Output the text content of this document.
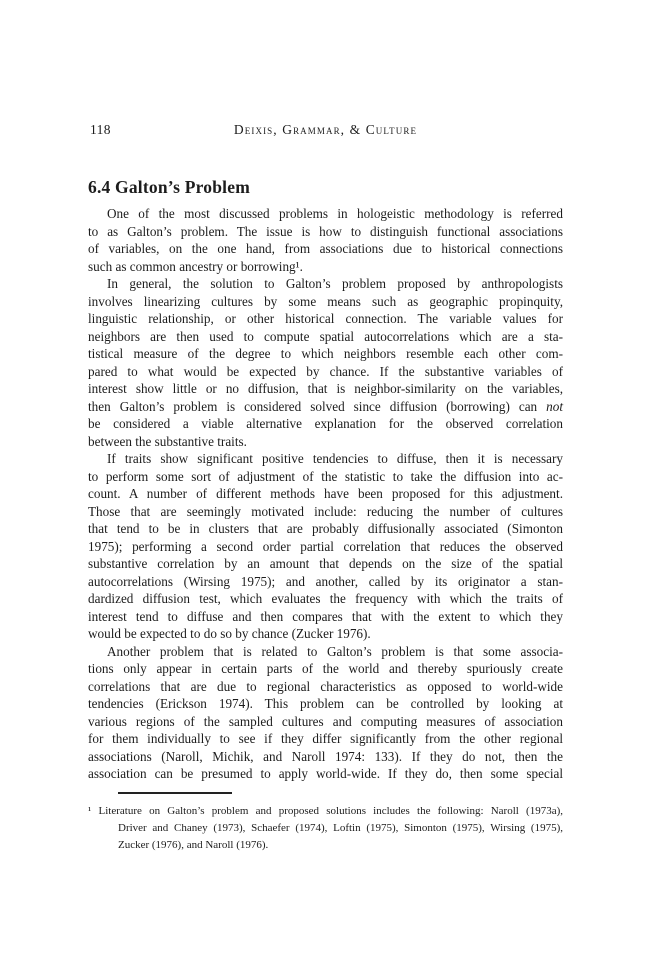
118	Deixis, Grammar, & Culture
6.4 Galton’s Problem
One of the most discussed problems in hologeistic methodology is referred
to as Galton’s problem. The issue is how to distinguish functional associations
of variables, on the one hand, from associations due to historical connections
such as common ancestry or borrowing¹.
In general, the solution to Galton’s problem proposed by anthropologists
involves linearizing cultures by some means such as geographic propinquity,
linguistic relationship, or other historical connection. The variable values for
neighbors are then used to compute spatial autocorrelations which are a sta-
tistical measure of the degree to which neighbors resemble each other com-
pared to what would be expected by chance. If the substantive variables of
interest show little or no diffusion, that is neighbor-similarity on the variables,
then Galton’s problem is considered solved since diffusion (borrowing) can not
be considered a viable alternative explanation for the observed correlation
between the substantive traits.
If traits show significant positive tendencies to diffuse, then it is necessary
to perform some sort of adjustment of the statistic to take the diffusion into ac-
count. A number of different methods have been proposed for this adjustment.
Those that are seemingly motivated include: reducing the number of cultures
that tend to be in clusters that are probably diffusionally associated (Simonton
1975); performing a second order partial correlation that reduces the observed
substantive correlation by an amount that depends on the size of the spatial
autocorrelations (Wirsing 1975); and another, called by its originator a stan-
dardized diffusion test, which evaluates the frequency with which the traits of
interest tend to diffuse and then compares that with the extent to which they
would be expected to do so by chance (Zucker 1976).
Another problem that is related to Galton’s problem is that some associa-
tions only appear in certain parts of the world and thereby spuriously create
correlations that are due to regional characteristics as opposed to world-wide
tendencies (Erickson 1974). This problem can be controlled by looking at
various regions of the sampled cultures and computing measures of association
for them individually to see if they differ significantly from the other regional
associations (Naroll, Michik, and Naroll 1974: 133). If they do not, then the
association can be presumed to apply world-wide. If they do, then some special
¹ Literature on Galton’s problem and proposed solutions includes the following: Naroll (1973a),
Driver and Chaney (1973), Schaefer (1974), Loftin (1975), Simonton (1975), Wirsing (1975),
Zucker (1976), and Naroll (1976).
